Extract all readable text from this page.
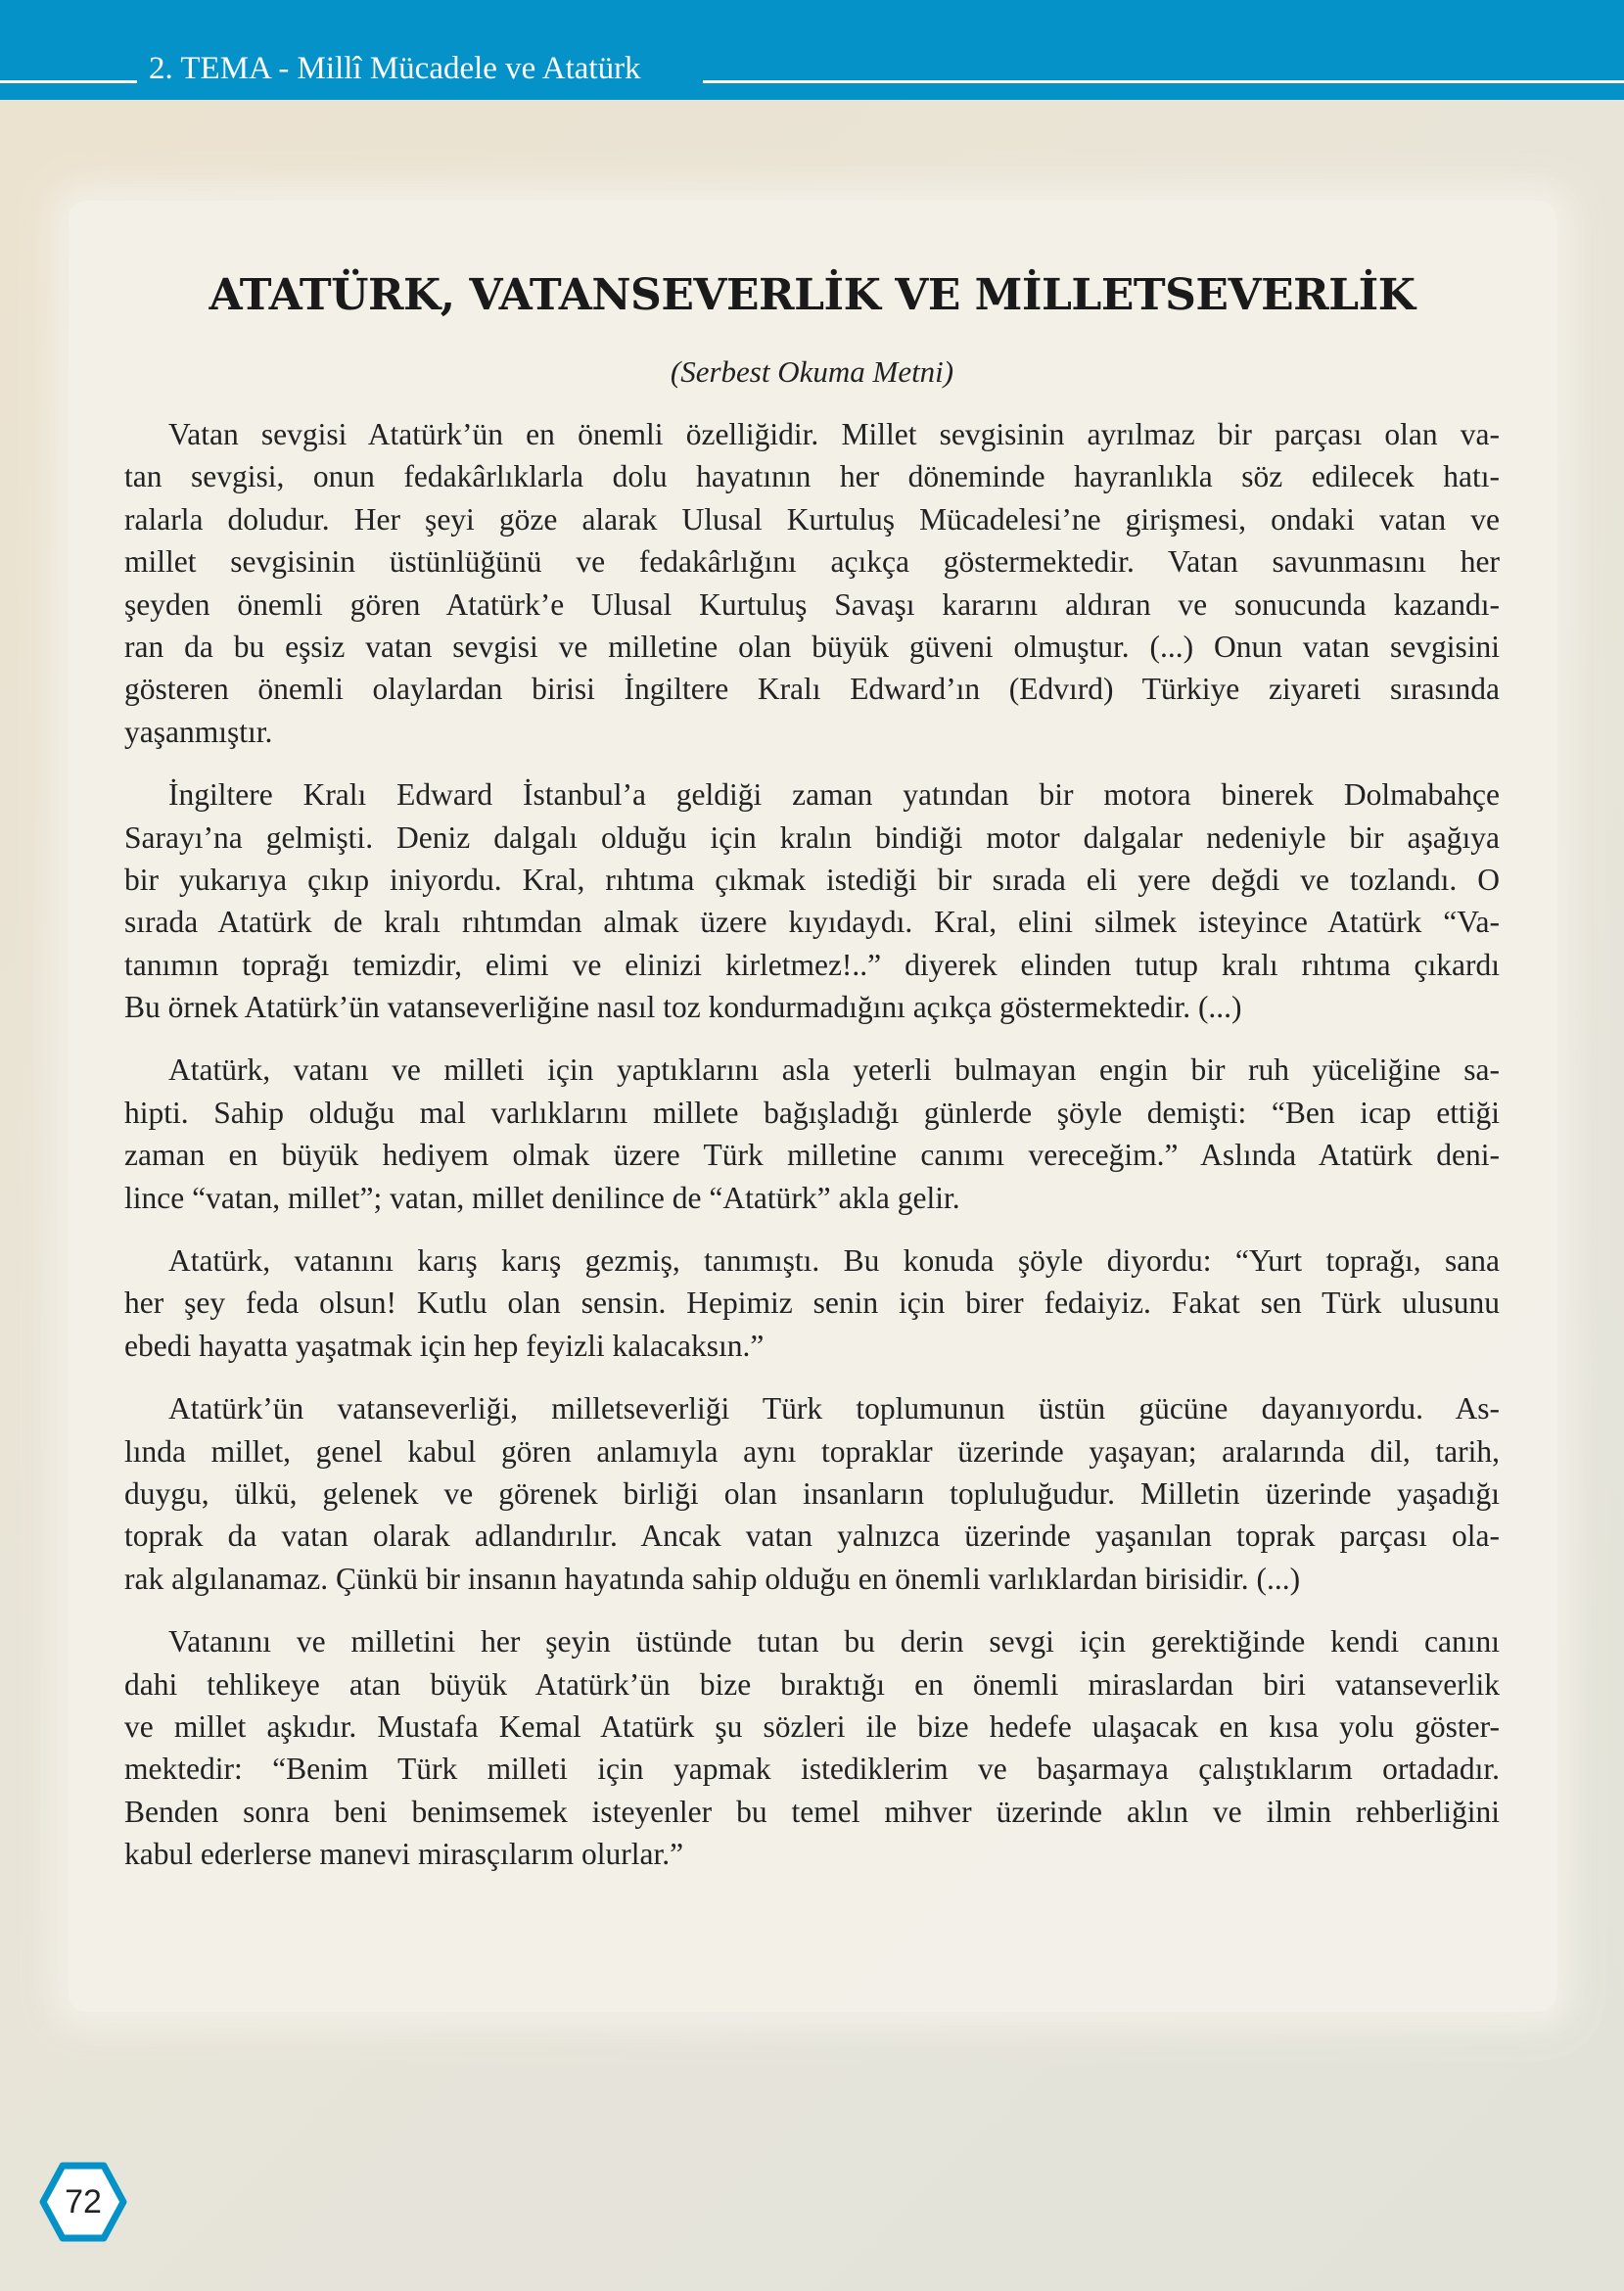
2. TEMA - Millî Mücadele ve Atatürk
ATATÜRK, VATANSEVERLİK VE MİLLETSEVERLİK
(Serbest Okuma Metni)
Vatan sevgisi Atatürk’ün en önemli özelliğidir. Millet sevgisinin ayrılmaz bir parçası olan va-
tan sevgisi, onun fedakârlıklarla dolu hayatının her döneminde hayranlıkla söz edilecek hatı-
ralarla doludur. Her şeyi göze alarak Ulusal Kurtuluş Mücadelesi’ne girişmesi, ondaki vatan ve
millet sevgisinin üstünlüğünü ve fedakârlığını açıkça göstermektedir. Vatan savunmasını her
şeyden önemli gören Atatürk’e Ulusal Kurtuluş Savaşı kararını aldıran ve sonucunda kazandı-
ran da bu eşsiz vatan sevgisi ve milletine olan büyük güveni olmuştur. (...) Onun vatan sevgisini
gösteren önemli olaylardan birisi İngiltere Kralı Edward’ın (Edvırd) Türkiye ziyareti sırasında
yaşanmıştır.
İngiltere Kralı Edward İstanbul’a geldiği zaman yatından bir motora binerek Dolmabahçe
Sarayı’na gelmişti. Deniz dalgalı olduğu için kralın bindiği motor dalgalar nedeniyle bir aşağıya
bir yukarıya çıkıp iniyordu. Kral, rıhtıma çıkmak istediği bir sırada eli yere değdi ve tozlandı. O
sırada Atatürk de kralı rıhtımdan almak üzere kıyıdaydı. Kral, elini silmek isteyince Atatürk “Va-
tanımın toprağı temizdir, elimi ve elinizi kirletmez!..” diyerek elinden tutup kralı rıhtıma çıkardı
Bu örnek Atatürk’ün vatanseverliğine nasıl toz kondurmadığını açıkça göstermektedir. (...)
Atatürk, vatanı ve milleti için yaptıklarını asla yeterli bulmayan engin bir ruh yüceliğine sa-
hipti. Sahip olduğu mal varlıklarını millete bağışladığı günlerde şöyle demişti: “Ben icap ettiği
zaman en büyük hediyem olmak üzere Türk milletine canımı vereceğim.” Aslında Atatürk deni-
lince “vatan, millet”; vatan, millet denilince de “Atatürk” akla gelir.
Atatürk, vatanını karış karış gezmiş, tanımıştı. Bu konuda şöyle diyordu: “Yurt toprağı, sana
her şey feda olsun! Kutlu olan sensin. Hepimiz senin için birer fedaiyiz. Fakat sen Türk ulusunu
ebedi hayatta yaşatmak için hep feyizli kalacaksın.”
Atatürk’ün vatanseverliği, milletseverliği Türk toplumunun üstün gücüne dayanıyordu. As-
lında millet, genel kabul gören anlamıyla aynı topraklar üzerinde yaşayan; aralarında dil, tarih,
duygu, ülkü, gelenek ve görenek birliği olan insanların topluluğudur. Milletin üzerinde yaşadığı
toprak da vatan olarak adlandırılır. Ancak vatan yalnızca üzerinde yaşanılan toprak parçası ola-
rak algılanamaz. Çünkü bir insanın hayatında sahip olduğu en önemli varlıklardan birisidir. (...)
Vatanını ve milletini her şeyin üstünde tutan bu derin sevgi için gerektiğinde kendi canını
dahi tehlikeye atan büyük Atatürk’ün bize bıraktığı en önemli miraslardan biri vatanseverlik
ve millet aşkıdır. Mustafa Kemal Atatürk şu sözleri ile bize hedefe ulaşacak en kısa yolu göster-
mektedir: “Benim Türk milleti için yapmak istediklerim ve başarmaya çalıştıklarım ortadadır.
Benden sonra beni benimsemek isteyenler bu temel mihver üzerinde aklın ve ilmin rehberliğini
kabul ederlerse manevi mirasçılarım olurlar.”
72
